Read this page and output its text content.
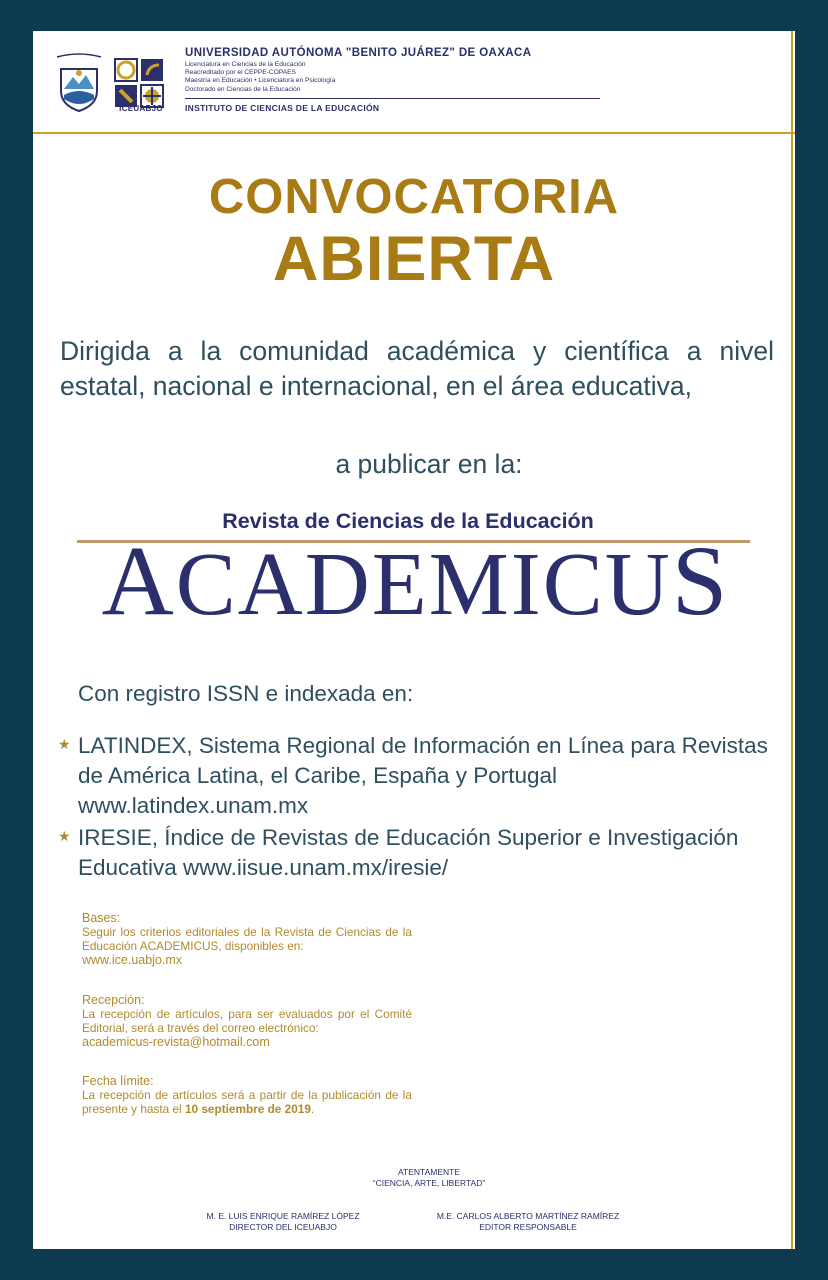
ICEUABJO
UNIVERSIDAD AUTÓNOMA "BENITO JUÁREZ" DE OAXACA
Licenciatura en Ciencias de la Educación
Reacreditado por el CEPPE-COPAES
Maestría en Educación • Licenciatura en Psicología
Doctorado en Ciencias de la Educación
INSTITUTO DE CIENCIAS DE LA EDUCACIÓN
CONVOCATORIA
ABIERTA
Dirigida a la comunidad académica y científica a nivel estatal, nacional e internacional, en el área educativa,
a publicar en la:
Revista de Ciencias de la Educación
ACADEMICUS
Con registro ISSN e indexada en:
★ LATINDEX, Sistema Regional de Información en Línea para Revistas de América Latina, el Caribe, España y Portugal www.latindex.unam.mx
★ IRESIE, Índice de Revistas de Educación Superior e Investigación Educativa www.iisue.unam.mx/iresie/
Bases:
Seguir los criterios editoriales de la Revista de Ciencias de la Educación ACADEMICUS, disponibles en:
www.ice.uabjo.mx
Recepción:
La recepción de artículos, para ser evaluados por el Comité Editorial, será a través del correo electrónico:
academicus-revista@hotmail.com
Fecha límite:
La recepción de artículos será a partir de la publicación de la presente y hasta el 10 septiembre de 2019.
ATENTAMENTE
“CIENCIA, ARTE, LIBERTAD”
M. E. LUIS ENRIQUE RAMÍREZ LÓPEZ
DIRECTOR DEL ICEUABJO
M.E. CARLOS ALBERTO MARTÍNEZ RAMÍREZ
EDITOR RESPONSABLE
